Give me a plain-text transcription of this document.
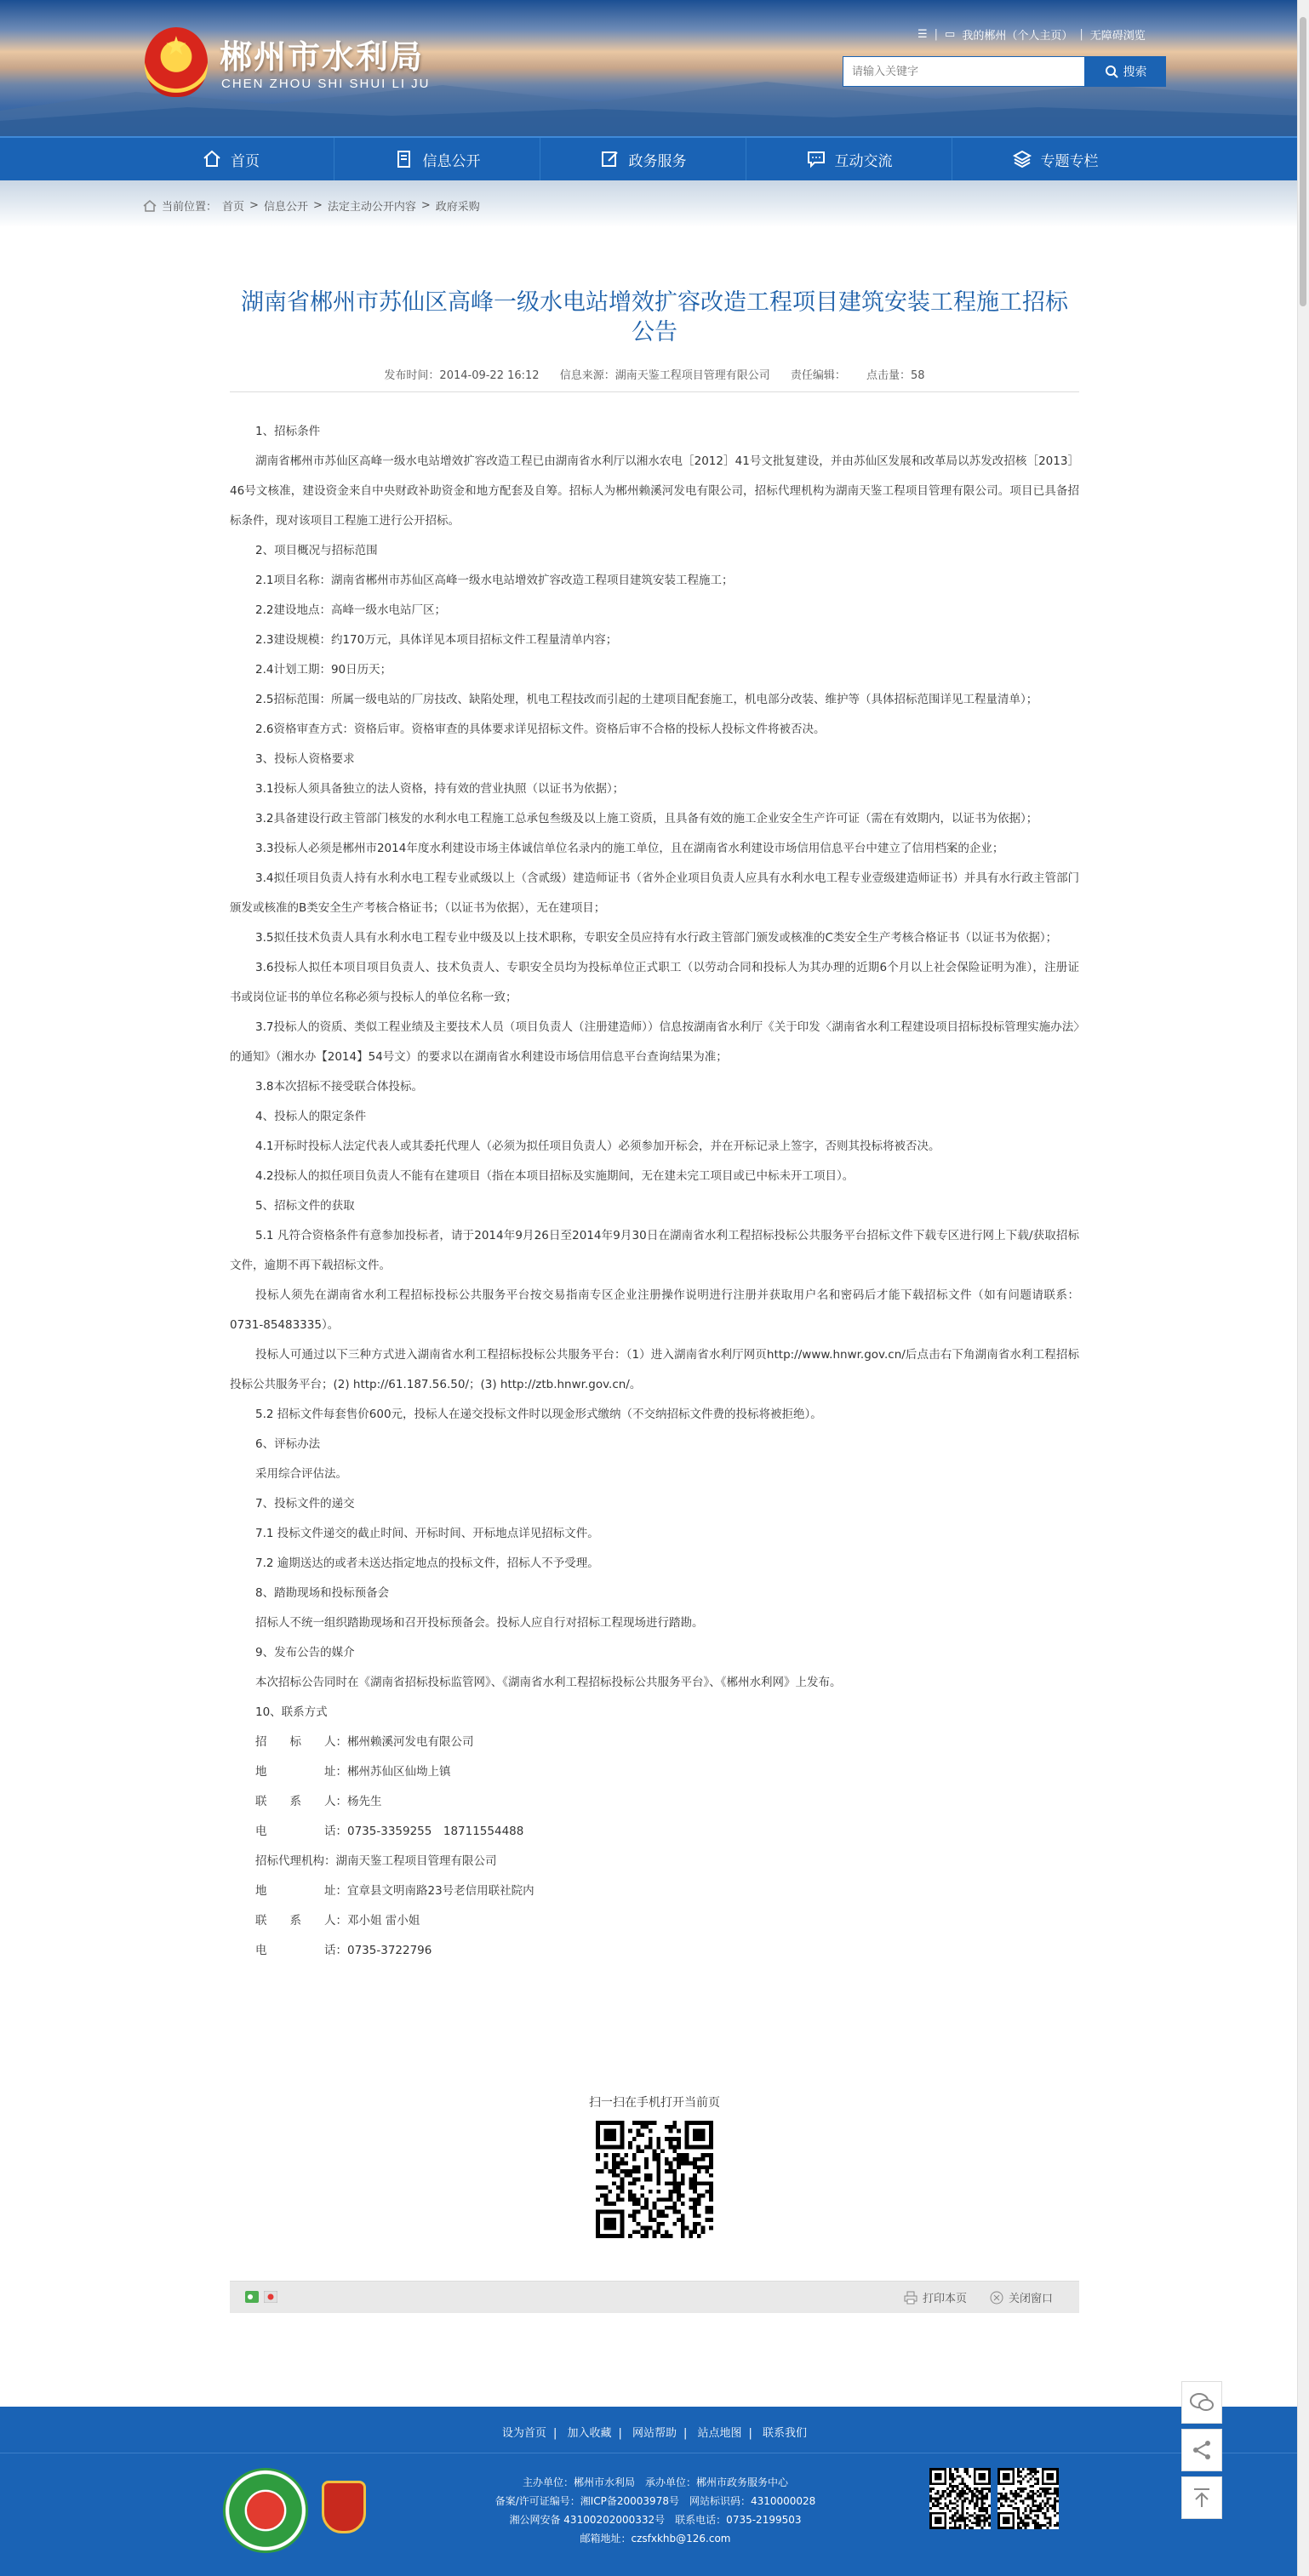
★ 郴州市水利局
CHEN ZHOU SHI SHUI LI JU
☰ | ▭ 我的郴州（个人主页） | 无障碍浏览
请输入关键字
搜索
首页	信息公开	政务服务	互动交流	专题专栏
当前位置： 首页 > 信息公开 > 法定主动公开内容 > 政府采购
湖南省郴州市苏仙区高峰一级水电站增效扩容改造工程项目建筑安装工程施工招标公告
发布时间：2014-09-22 16:12 信息来源：湖南天鉴工程项目管理有限公司 责任编辑： 点击量：58

1、招标条件

湖南省郴州市苏仙区高峰一级水电站增效扩容改造工程已由湖南省水利厅以湘水农电［2012］41号文批复建设，并由苏仙区发展和改革局以苏发改招核［2013］46号文核准，建设资金来自中央财政补助资金和地方配套及自筹。招标人为郴州赖溪河发电有限公司，招标代理机构为湖南天鉴工程项目管理有限公司。项目已具备招标条件，现对该项目工程施工进行公开招标。

2、项目概况与招标范围

2.1项目名称：湖南省郴州市苏仙区高峰一级水电站增效扩容改造工程项目建筑安装工程施工；

2.2建设地点：高峰一级水电站厂区；

2.3建设规模：约170万元，具体详见本项目招标文件工程量清单内容；

2.4计划工期：90日历天；

2.5招标范围：所属一级电站的厂房技改、缺陷处理，机电工程技改而引起的土建项目配套施工，机电部分改装、维护等（具体招标范围详见工程量清单）；

2.6资格审查方式：资格后审。资格审查的具体要求详见招标文件。资格后审不合格的投标人投标文件将被否决。

3、投标人资格要求

3.1投标人须具备独立的法人资格，持有效的营业执照（以证书为依据）；

3.2具备建设行政主管部门核发的水利水电工程施工总承包叁级及以上施工资质，且具备有效的施工企业安全生产许可证（需在有效期内，以证书为依据）；

3.3投标人必须是郴州市2014年度水利建设市场主体诚信单位名录内的施工单位，且在湖南省水利建设市场信用信息平台中建立了信用档案的企业；

3.4拟任项目负责人持有水利水电工程专业贰级以上（含贰级）建造师证书（省外企业项目负责人应具有水利水电工程专业壹级建造师证书）并具有水行政主管部门颁发或核准的B类安全生产考核合格证书；（以证书为依据），无在建项目；

3.5拟任技术负责人具有水利水电工程专业中级及以上技术职称，专职安全员应持有水行政主管部门颁发或核准的C类安全生产考核合格证书（以证书为依据）；

3.6投标人拟任本项目项目负责人、技术负责人、专职安全员均为投标单位正式职工（以劳动合同和投标人为其办理的近期6个月以上社会保险证明为准），注册证书或岗位证书的单位名称必须与投标人的单位名称一致；

3.7投标人的资质、类似工程业绩及主要技术人员（项目负责人（注册建造师））信息按湖南省水利厅《关于印发〈湖南省水利工程建设项目招标投标管理实施办法〉的通知》（湘水办【2014】54号文）的要求以在湖南省水利建设市场信用信息平台查询结果为准；

3.8本次招标不接受联合体投标。

4、投标人的限定条件

4.1开标时投标人法定代表人或其委托代理人（必须为拟任项目负责人）必须参加开标会，并在开标记录上签字，否则其投标将被否决。

4.2投标人的拟任项目负责人不能有在建项目（指在本项目招标及实施期间，无在建未完工项目或已中标未开工项目）。

5、招标文件的获取

5.1 凡符合资格条件有意参加投标者，请于2014年9月26日至2014年9月30日在湖南省水利工程招标投标公共服务平台招标文件下载专区进行网上下载/获取招标文件，逾期不再下载招标文件。

投标人须先在湖南省水利工程招标投标公共服务平台按交易指南专区企业注册操作说明进行注册并获取用户名和密码后才能下载招标文件（如有问题请联系：0731-85483335）。

投标人可通过以下三种方式进入湖南省水利工程招标投标公共服务平台：（1）进入湖南省水利厅网页http://www.hnwr.gov.cn/后点击右下角湖南省水利工程招标投标公共服务平台；(2) http://61.187.56.50/；(3) http://ztb.hnwr.gov.cn/。

5.2 招标文件每套售价600元，投标人在递交投标文件时以现金形式缴纳（不交纳招标文件费的投标将被拒绝）。

6、评标办法

采用综合评估法。

7、投标文件的递交

7.1 投标文件递交的截止时间、开标时间、开标地点详见招标文件。

7.2 逾期送达的或者未送达指定地点的投标文件，招标人不予受理。

8、踏勘现场和投标预备会

招标人不统一组织踏勘现场和召开投标预备会。投标人应自行对招标工程现场进行踏勘。

9、发布公告的媒介

本次招标公告同时在《湖南省招标投标监管网》、《湖南省水利工程招标投标公共服务平台》、《郴州水利网》上发布。

10、联系方式

招　　标　　人：郴州赖溪河发电有限公司

地　　　　　址：郴州苏仙区仙坳上镇

联　　系　　人：杨先生

电　　　　　话：0735-3359255　18711554488

招标代理机构：湖南天鉴工程项目管理有限公司

地　　　　　址：宜章县文明南路23号老信用联社院内

联　　系　　人：邓小姐 雷小姐

电　　　　　话：0735-3722796

扫一扫在手机打开当前页
打印本页	关闭窗口
设为首页 | 加入收藏 | 网站帮助 | 站点地图 | 联系我们
主办单位：郴州市水利局　承办单位：郴州市政务服务中心
备案/许可证编号：湘ICP备20003978号　网站标识码：4310000028
湘公网安备 43100202000332号　联系电话：0735-2199503
邮箱地址：czsfxkhb@126.com
